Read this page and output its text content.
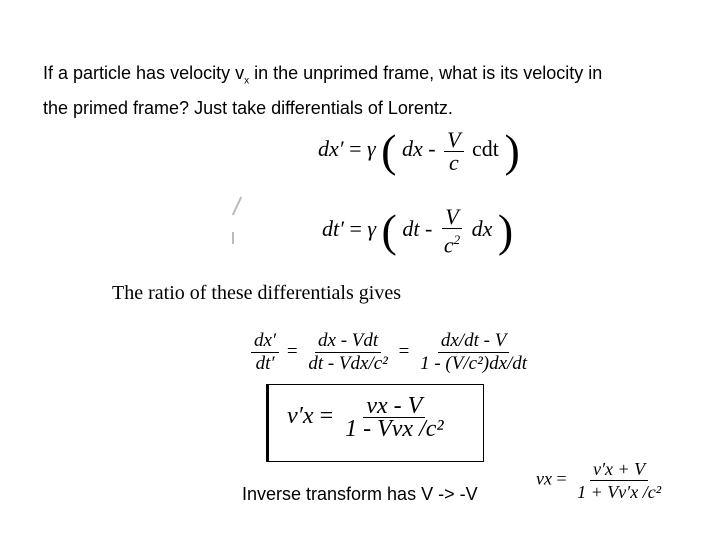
If a particle has velocity $v_x$ in the unprimed frame, what is its velocity in
the primed frame? Just take differentials of Lorentz.
dx′ = γ ( dx - $\frac{V}{c}$ cdt )
dt′ = γ ( dt - $\frac{V}{c^2}$ dx )
The ratio of these differentials gives
$\frac{dx'}{dt'} = \frac{\text{dx - Vdt}}{\text{dt - Vdx/c²}} = \frac{dx/dt - V}{\text{1 - (V/c²)dx/dt}}$
$v'x = \frac{vx - V}{\text{1 - Vvx /c²}}$
Inverse transform has V -> -V
vx = $\frac{v'x + V}{\text{1 + Vv′x /c²}}$
